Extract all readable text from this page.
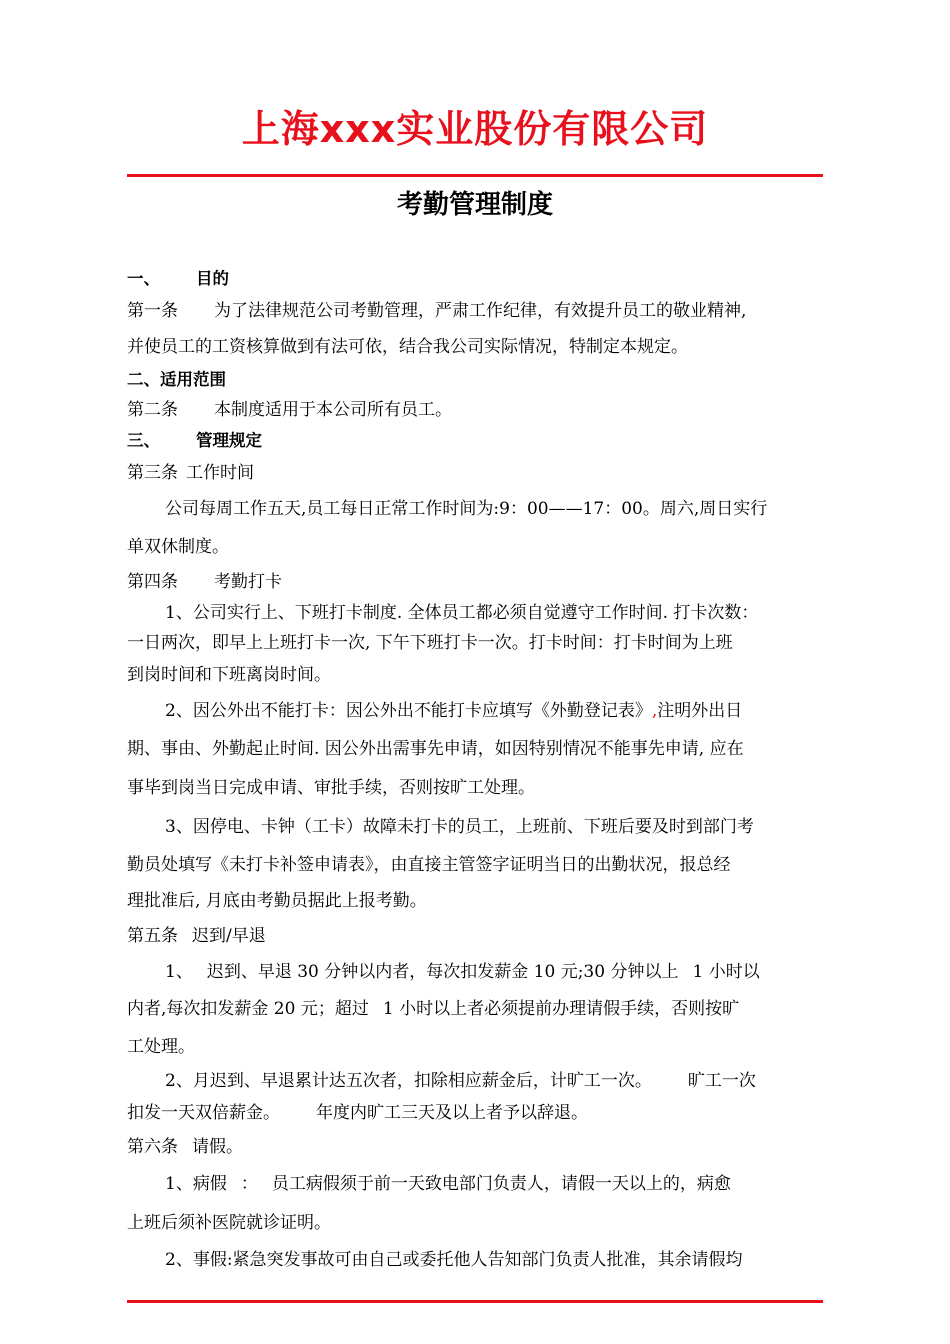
上海xxx实业股份有限公司
考勤管理制度
一、 目的
第一条 为了法律规范公司考勤管理，严肃工作纪律，有效提升员工的敬业精神,
并使员工的工资核算做到有法可依，结合我公司实际情况，特制定本规定。
二、适用范围
第二条 本制度适用于本公司所有员工。
三、 管理规定
第三条 工作时间
公司每周工作五天,员工每日正常工作时间为:9：00——17：00。周六,周日实行
单双休制度。
第四条 考勤打卡
1、公司实行上、下班打卡制度. 全体员工都必须自觉遵守工作时间. 打卡次数：
一日两次，即早上上班打卡一次, 下午下班打卡一次。打卡时间：打卡时间为上班
到岗时间和下班离岗时间。
2、因公外出不能打卡：因公外出不能打卡应填写《外勤登记表》,注明外出日
期、事由、外勤起止时间. 因公外出需事先申请，如因特别情况不能事先申请, 应在
事毕到岗当日完成申请、审批手续，否则按旷工处理。
3、因停电、卡钟（工卡）故障未打卡的员工，上班前、下班后要及时到部门考
勤员处填写《未打卡补签申请表》，由直接主管签字证明当日的出勤状况，报总经
理批准后, 月底由考勤员据此上报考勤。
第五条 迟到/早退
1、 迟到、早退 30 分钟以内者，每次扣发薪金 10 元;30 分钟以上 1 小时以
内者,每次扣发薪金 20 元；超过 1 小时以上者必须提前办理请假手续，否则按旷
工处理。
2、月迟到、早退累计达五次者，扣除相应薪金后，计旷工一次。 旷工一次
扣发一天双倍薪金。 年度内旷工三天及以上者予以辞退。
第六条 请假。
1、病假 ： 员工病假须于前一天致电部门负责人，请假一天以上的，病愈
上班后须补医院就诊证明。
2、事假:紧急突发事故可由自己或委托他人告知部门负责人批准，其余请假均
